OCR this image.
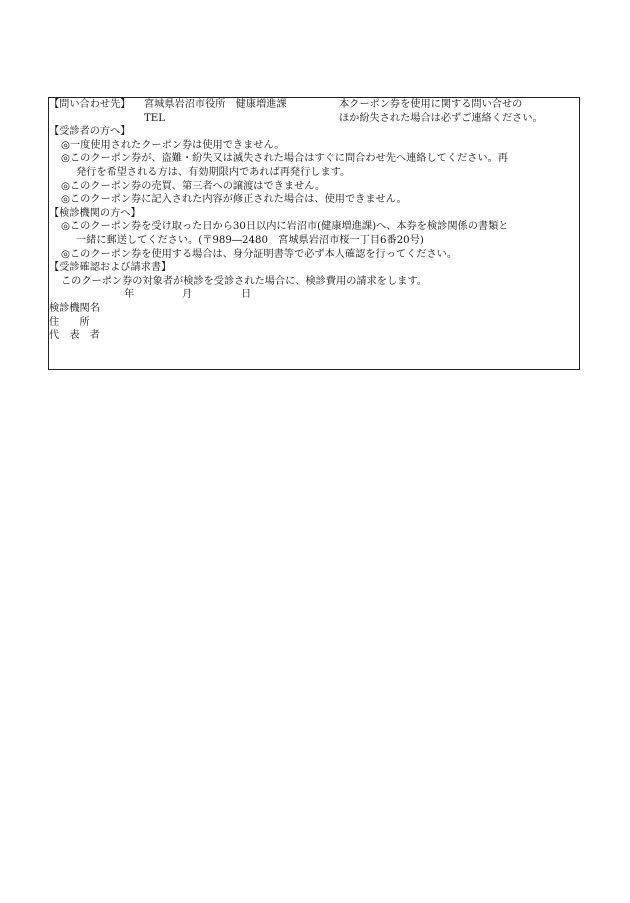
【問い合わせ先】 宮城県岩沼市役所　健康増進課
TEL
本クーポン券を使用に関する問い合せの
ほか紛失された場合は必ずご連絡ください。
【受診者の方へ】
◎一度使用されたクーポン券は使用できません。
◎このクーポン券が、盗難・紛失又は滅失された場合はすぐに問合わせ先へ連絡してください。再
発行を希望される方は、有効期限内であれば再発行します。
◎このクーポン券の売買、第三者への譲渡はできません。
◎このクーポン券に記入された内容が修正された場合は、使用できません。
【検診機関の方へ】
◎このクーポン券を受け取った日から30日以内に岩沼市(健康増進課)へ、本券を検診関係の書類と
一緒に郵送してください。(〒989―2480　宮城県岩沼市桜一丁目6番20号)
◎このクーポン券を使用する場合は、身分証明書等で必ず本人確認を行ってください。
【受診確認および請求書】
このクーポン券の対象者が検診を受診された場合に、検診費用の請求をします。
年	月	日
検診機関名
住　　所
代　表　者
